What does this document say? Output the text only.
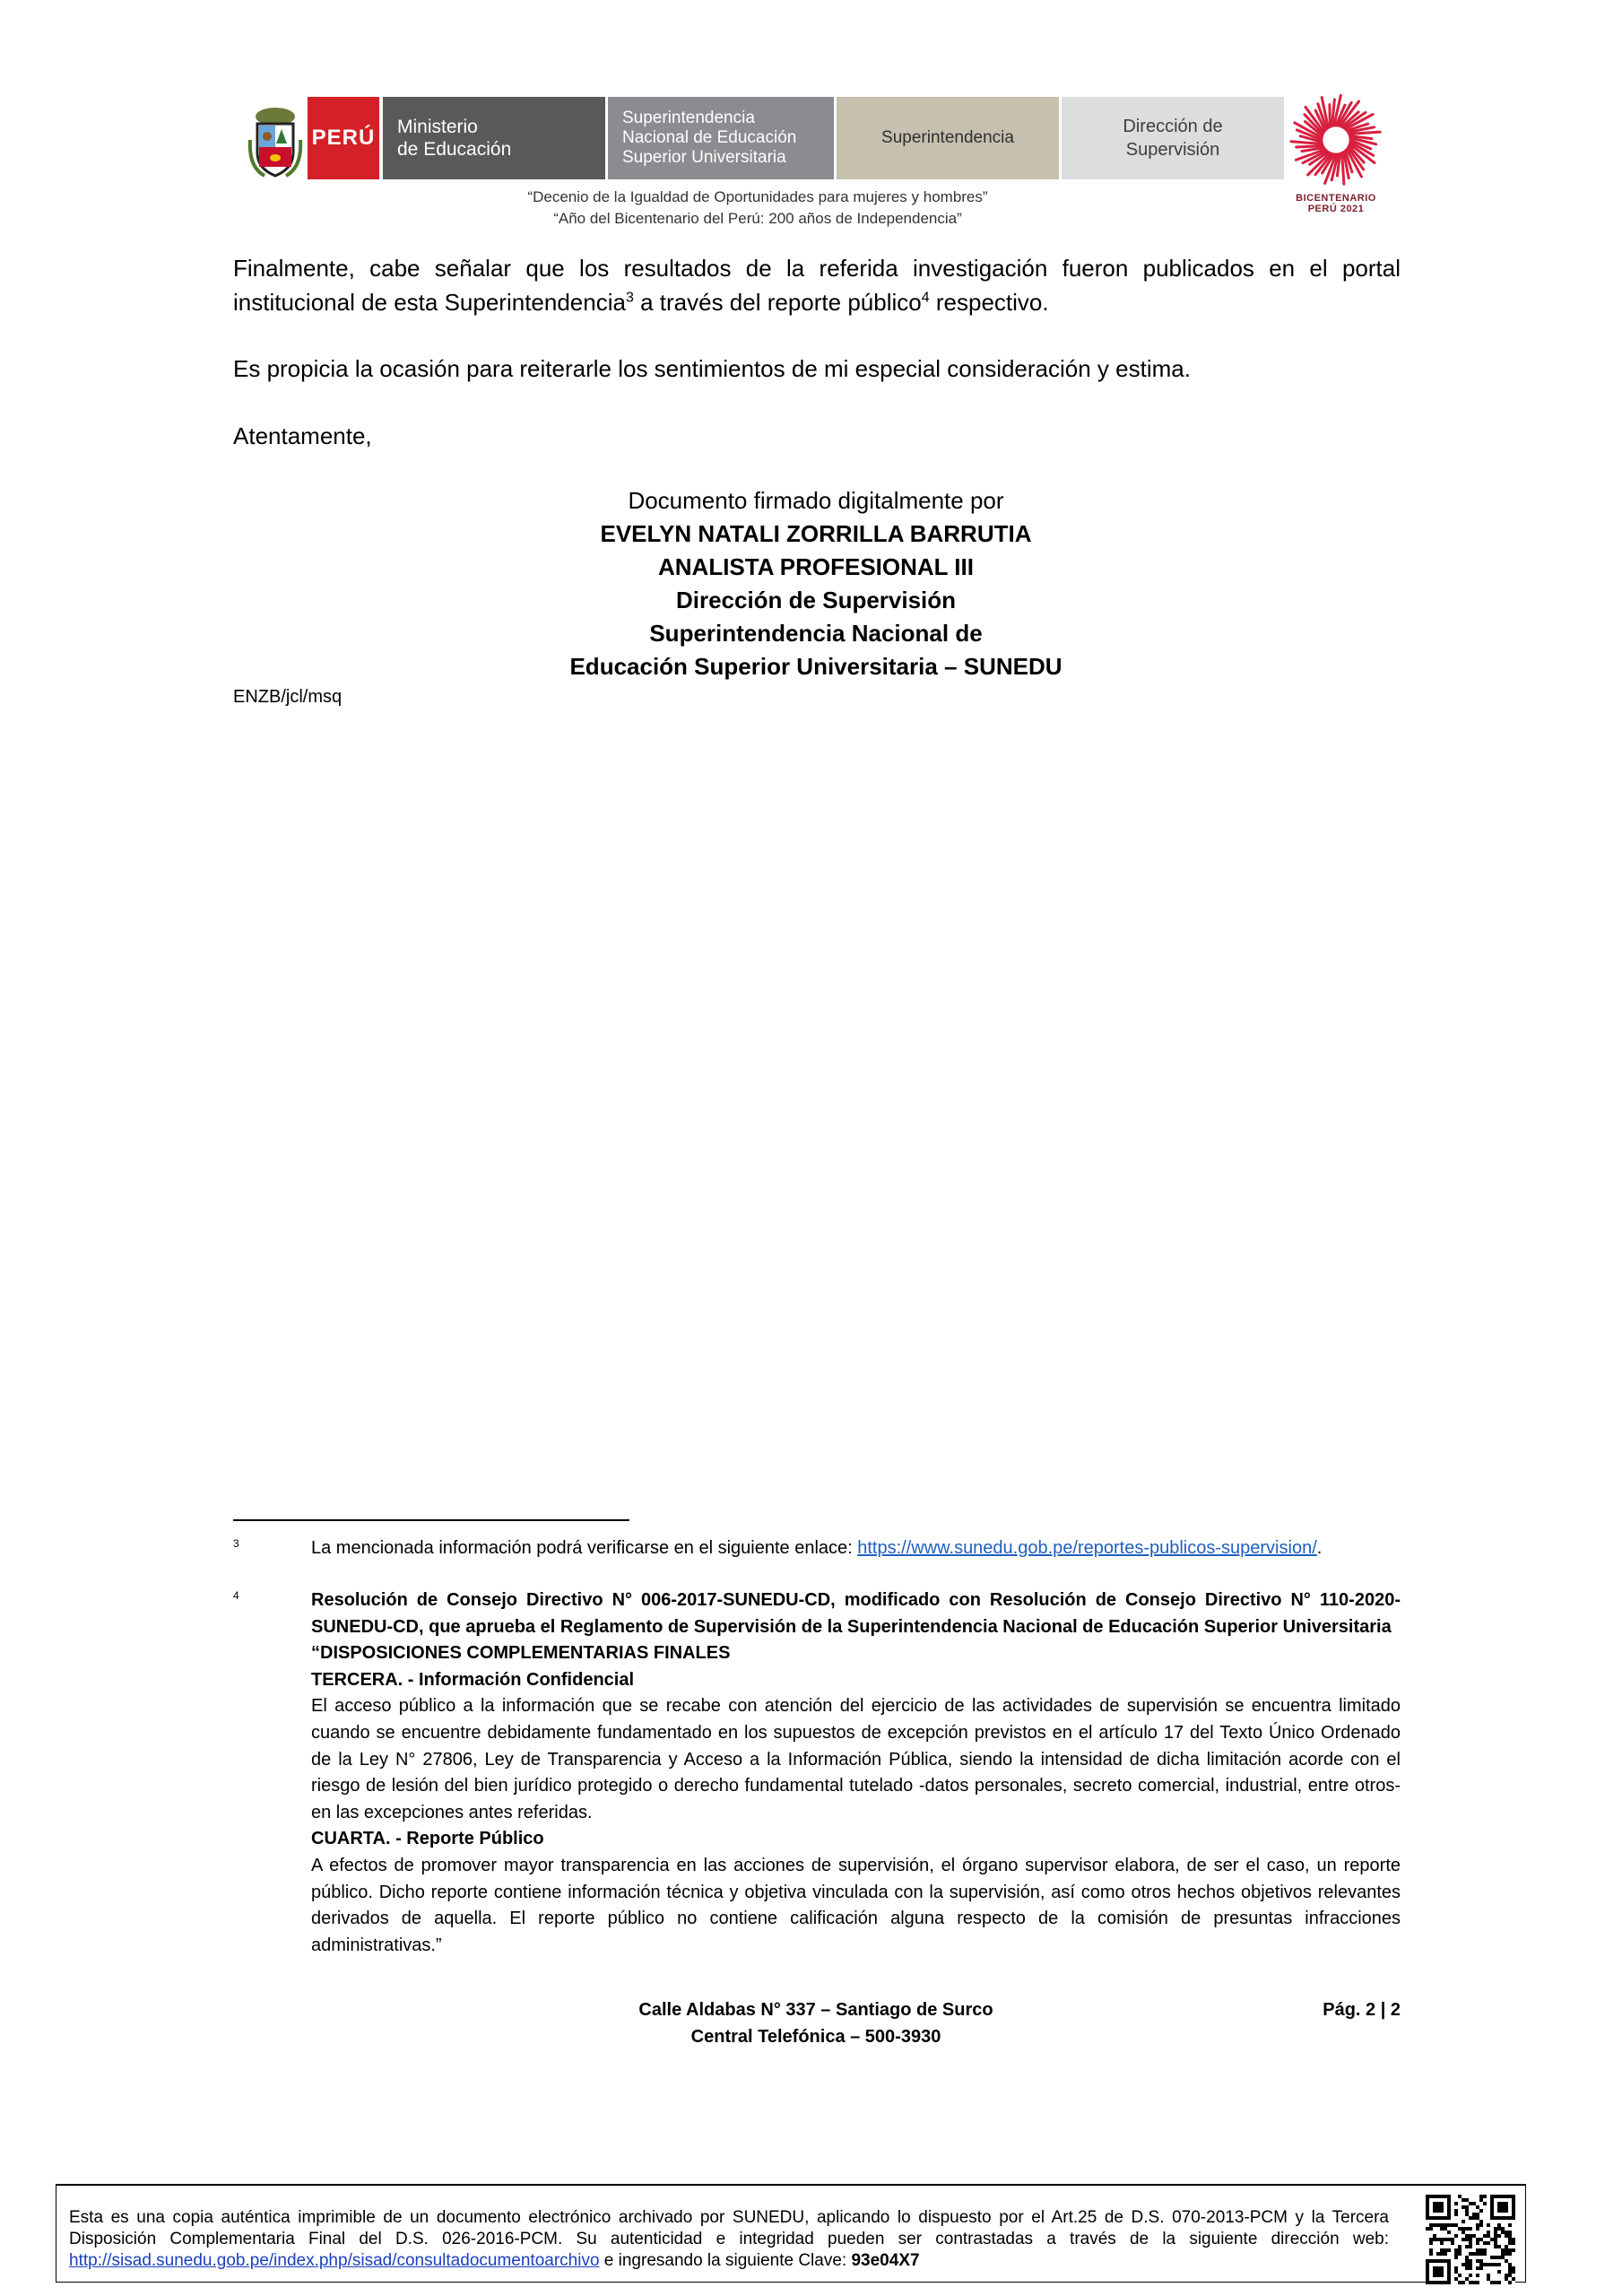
PERÚ Ministerio
de Educación
Superintendencia
Nacional de Educación
Superior Universitaria
Superintendencia
Dirección de
Supervisión
BICENTENARIO
PERÚ 2021
“Decenio de la Igualdad de Oportunidades para mujeres y hombres”
“Año del Bicentenario del Perú: 200 años de Independencia”
Finalmente, cabe señalar que los resultados de la referida investigación fueron publicados en el portal institucional de esta Superintendencia$^3$ a través del reporte público$^4$ respectivo.
Es propicia la ocasión para reiterarle los sentimientos de mi especial consideración y estima.
Atentamente,
Documento firmado digitalmente por
EVELYN NATALI ZORRILLA BARRUTIA
ANALISTA PROFESIONAL III
Dirección de Supervisión
Superintendencia Nacional de
Educación Superior Universitaria – SUNEDU
ENZB/jcl/msq
3	La mencionada información podrá verificarse en el siguiente enlace: https://www.sunedu.gob.pe/reportes-publicos-supervision/.
4	Resolución de Consejo Directivo N° 006-2017-SUNEDU-CD, modificado con Resolución de Consejo Directivo N° 110-2020-SUNEDU-CD, que aprueba el Reglamento de Supervisión de la Superintendencia Nacional de Educación Superior Universitaria
“DISPOSICIONES COMPLEMENTARIAS FINALES
TERCERA. - Información Confidencial
El acceso público a la información que se recabe con atención del ejercicio de las actividades de supervisión se encuentra limitado cuando se encuentre debidamente fundamentado en los supuestos de excepción previstos en el artículo 17 del Texto Único Ordenado de la Ley N° 27806, Ley de Transparencia y Acceso a la Información Pública, siendo la intensidad de dicha limitación acorde con el riesgo de lesión del bien jurídico protegido o derecho fundamental tutelado -datos personales, secreto comercial, industrial, entre otros- en las excepciones antes referidas.
CUARTA. - Reporte Público
A efectos de promover mayor transparencia en las acciones de supervisión, el órgano supervisor elabora, de ser el caso, un reporte público. Dicho reporte contiene información técnica y objetiva vinculada con la supervisión, así como otros hechos objetivos relevantes derivados de aquella. El reporte público no contiene calificación alguna respecto de la comisión de presuntas infracciones administrativas.”
Calle Aldabas N° 337 – Santiago de Surco
Central Telefónica – 500-3930
Pág. 2 | 2
Esta es una copia auténtica imprimible de un documento electrónico archivado por SUNEDU, aplicando lo dispuesto por el Art.25 de D.S. 070-2013-PCM y la Tercera Disposición Complementaria Final del D.S. 026-2016-PCM. Su autenticidad e integridad pueden ser contrastadas a través de la siguiente dirección web: http://sisad.sunedu.gob.pe/index.php/sisad/consultadocumentoarchivo e ingresando la siguiente Clave: 93e04X7
